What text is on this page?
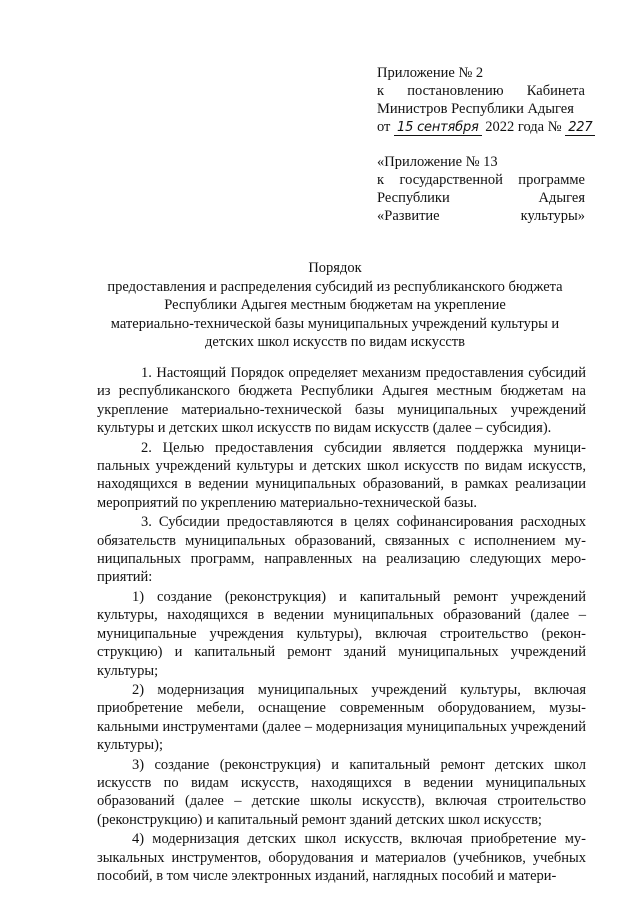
Приложение № 2
к постановлению Кабинета
Министров Республики Адыгея
от 15 сентября 2022 года № 227
«Приложение № 13
к государственной программе
Республики Адыгея
«Развитие культуры»
Порядок
предоставления и распределения субсидий из республиканского бюджета
Республики Адыгея местным бюджетам на укрепление
материально-технической базы муниципальных учреждений культуры и
детских школ искусств по видам искусств

1. Настоящий Порядок определяет механизм предоставления субсидий из республиканского бюджета Республики Адыгея местным бюджетам на укрепление материально-технической базы муниципальных учреждений культуры и детских школ искусств по видам искусств (далее – субсидия).

2. Целью предоставления субсидии является поддержка муниципальных учреждений культуры и детских школ искусств по видам искусств, находящихся в ведении муниципальных образований, в рамках реализации мероприятий по укреплению материально-технической базы.

3. Субсидии предоставляются в целях софинансирования расходных обязательств муниципальных образований, связанных с исполнением муниципальных программ, направленных на реализацию следующих мероприятий:

1) создание (реконструкция) и капитальный ремонт учреждений культуры, находящихся в ведении муниципальных образований (далее – муниципальные учреждения культуры), включая строительство (реконструкцию) и капитальный ремонт зданий муниципальных учреждений культуры;

2) модернизация муниципальных учреждений культуры, включая приобретение мебели, оснащение современным оборудованием, музыкальными инструментами (далее – модернизация муниципальных учреждений культуры);

3) создание (реконструкция) и капитальный ремонт детских школ искусств по видам искусств, находящихся в ведении муниципальных образований (далее – детские школы искусств), включая строительство (реконструкцию) и капитальный ремонт зданий детских школ искусств;

4) модернизация детских школ искусств, включая приобретение музыкальных инструментов, оборудования и материалов (учебников, учебных пособий, в том числе электронных изданий, наглядных пособий и матери-
